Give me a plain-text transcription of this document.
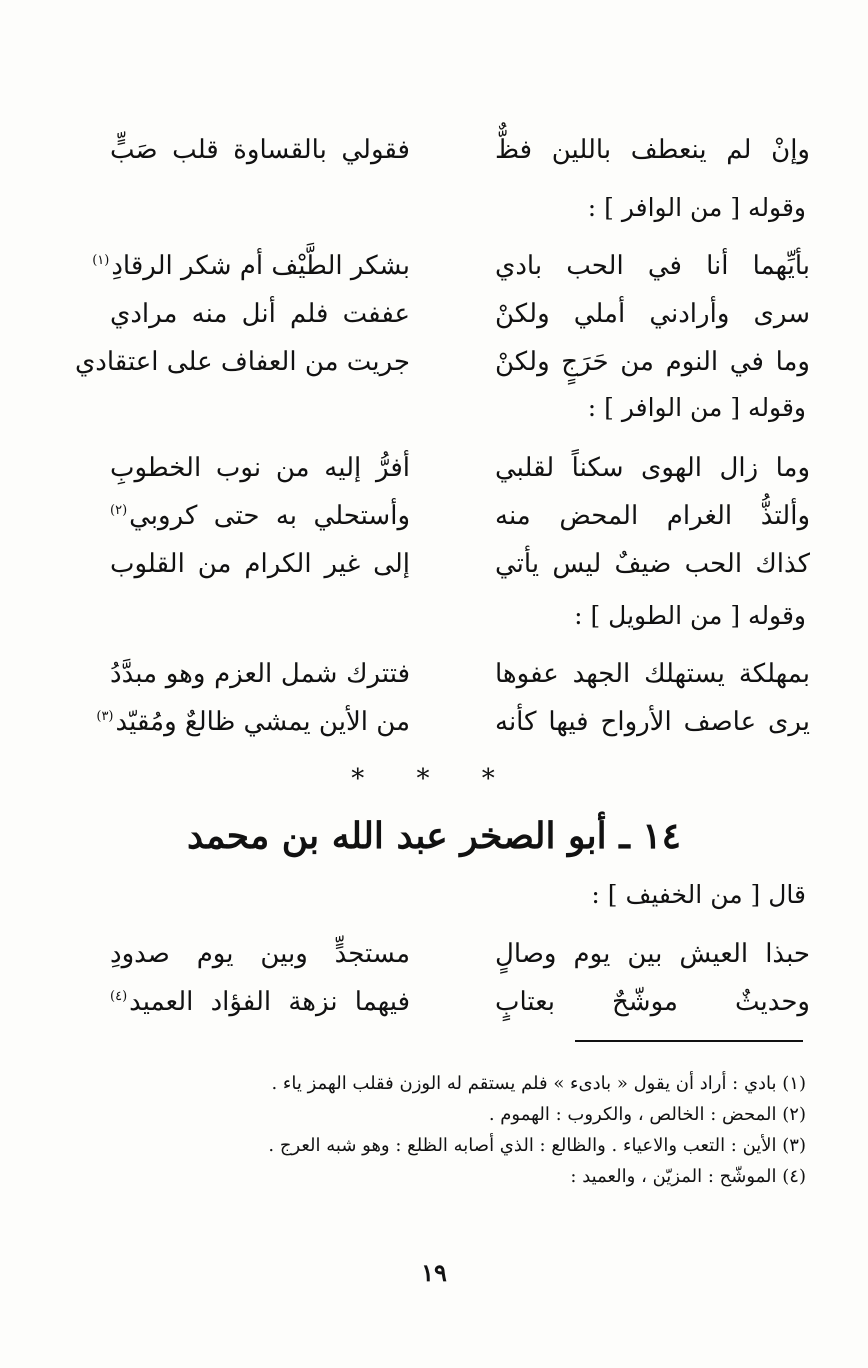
وإنْ لم ينعطف باللين فظٌّ
فقولي بالقساوة قلب صَبٍّ
وقوله [ من الوافر ] :
بأيِّهما أنا في الحب بادي
بشكر الطَّيْف أم شكر الرقادِ$^{(١)}$
سرى وأرادني أملي ولكنْ
عففت فلم أنل منه مرادي
وما في النوم من حَرَجٍ ولكنْ
جريت من العفاف على اعتقادي
وقوله [ من الوافر ] :
وما زال الهوى سكناً لقلبي
أفرُّ إليه من نوب الخطوبِ
وألتذُّ الغرام المحض منه
وأستحلي به حتى كروبي$^{(٢)}$
كذاك الحب ضيفٌ ليس يأتي
إلى غير الكرام من القلوب
وقوله [ من الطويل ] :
بمهلكة يستهلك الجهد عفوها
فتترك شمل العزم وهو مبدَّدُ
يرى عاصف الأرواح فيها كأنه
من الأين يمشي ظالعٌ ومُقيّد$^{(٣)}$
* * *
١٤ ـ أبو الصخر عبد الله بن محمد
قال [ من الخفيف ] :
حبذا العيش بين يوم وصالٍ
مستجدٍّ وبين يوم صدودِ
وحديثٌ موشّحٌ بعتابٍ
فيهما نزهة الفؤاد العميد$^{(٤)}$
(١) بادي : أراد أن يقول « بادىء » فلم يستقم له الوزن فقلب الهمز ياء .
(٢) المحض : الخالص ، والكروب : الهموم .
(٣) الأين : التعب والاعياء . والظالع : الذي أصابه الظلع : وهو شبه العرج .
(٤) الموشّح : المزيّن ، والعميد :
١٩
